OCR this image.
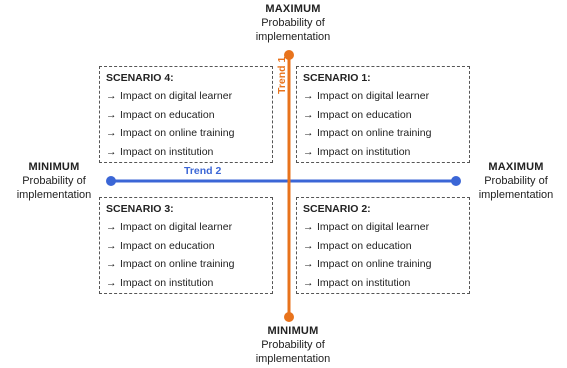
MAXIMUM
Probability of
implementation
MINIMUM
Probability of
implementation
MINIMUM
Probability of
implementation
MAXIMUM
Probability of
implementation
Trend 2
Trend 1
SCENARIO 4:
→ Impact on digital learner
→ Impact on education
→ Impact on online training
→ Impact on institution
SCENARIO 1:
→ Impact on digital learner
→ Impact on education
→ Impact on online training
→ Impact on institution
SCENARIO 3:
→ Impact on digital learner
→ Impact on education
→ Impact on online training
→ Impact on institution
SCENARIO 2:
→ Impact on digital learner
→ Impact on education
→ Impact on online training
→ Impact on institution
